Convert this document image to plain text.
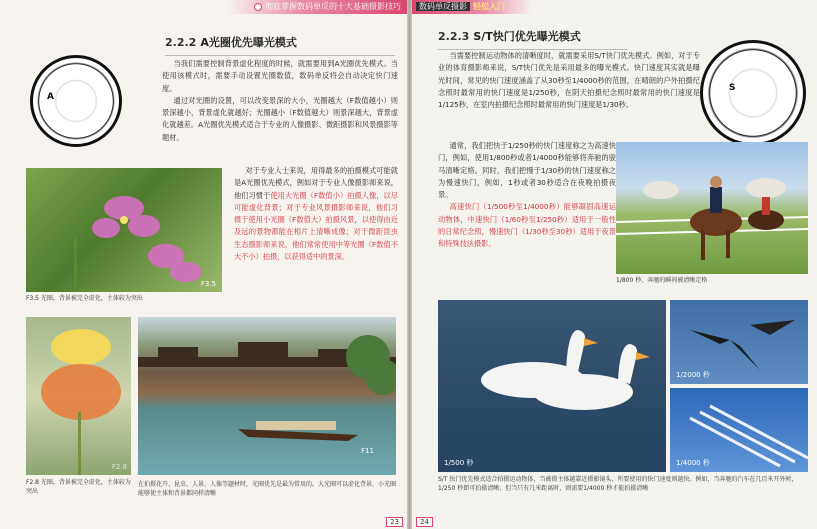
彻底掌握数码单反的十大基础摄影技巧
A
2.2.2 A光圈优先曝光模式

当我们需要控制背景虚化程度的时候，就需要用到A光圈优先模式。当使用该模式时，需要手动设置光圈数值，数码单反将会自动决定快门速度。

通过对光圈的设置，可以改变景深的大小，光圈越大（F数值越小）则景深越小，背景虚化就越好；光圈越小（F数值越大）则景深越大，背景虚化就越差。A光圈优先模式适合于专业的人像摄影、微距摄影和风景摄影等题材。

对于专业人士来说，用得最多的拍摄模式可能就是A光圈优先模式，例如对于专业人像摄影师来说，他们习惯于使用大光圈（F数值小）拍摄人像，以尽可能虚化背景；对于专业风景摄影师来说，他们习惯于使用小光圈（F数值大）拍摄风景，以使得由近及远的景物都能在相片上清晰成像；对于微距昆虫生态摄影师来说，他们常常使用中等光圈（F数值不大不小）拍摄，以获得适中的景深。

F3.5
F3.5 光圈，背景被完全虚化，主体较为突出
F2.8
F2.8 光圈，背景被完全虚化，主体较为突出
F11
在拍摄花卉、昆虫、人景、人像等题材时，光圈优先是最为常用的。大光圈可以虚化背景，小光圈能够使主体和背景都同样清晰
23
数码单反摄影 轻松入门
S
2.2.3 S/T快门优先曝光模式

当需要控制运动物体的清晰度时，就需要采用S/T快门优先模式。例如，对于专业的体育摄影师来说，S/T快门优先是采用最多的曝光模式。快门速度其实就是曝光时间，常见的快门速度涵盖了从30秒至1/4000秒的范围，在晴朗的户外拍摄纪念照时最常用的快门速度是1/250秒，在阴天拍摄纪念照时最常用的快门速度是1/125秒，在室内拍摄纪念照时最常用的快门速度是1/30秒。

通常，我们把快于1/250秒的快门速度称之为高速快门，例如，使用1/800秒或者1/4000秒能够将奔驰的骏马清晰定格。同时，我们把慢于1/30秒的快门速度称之为慢速快门，例如，1秒或者30秒适合在夜晚拍摄夜景。

高速快门（1/500秒至1/4000秒）能够凝固高速运动物体，中速快门（1/60秒至1/250秒）适用于一般性的日常纪念照，慢速快门（1/30秒至30秒）适用于夜景和特殊技法摄影。

1/800 秒，奔驰的瞬间被清晰定格
1/500 秒
1/2000 秒
1/4000 秒
S/T 快门优先模式适合拍摄运动物体，当被摄主体越靠近摄影镜头，所要使用的快门速度则越快。例如，当奔驰的汽车在几百米开外时，1/250 秒即可拍摄清晰；但当只有几米距离时，则需要1/4000 秒才能拍摄清晰
24
